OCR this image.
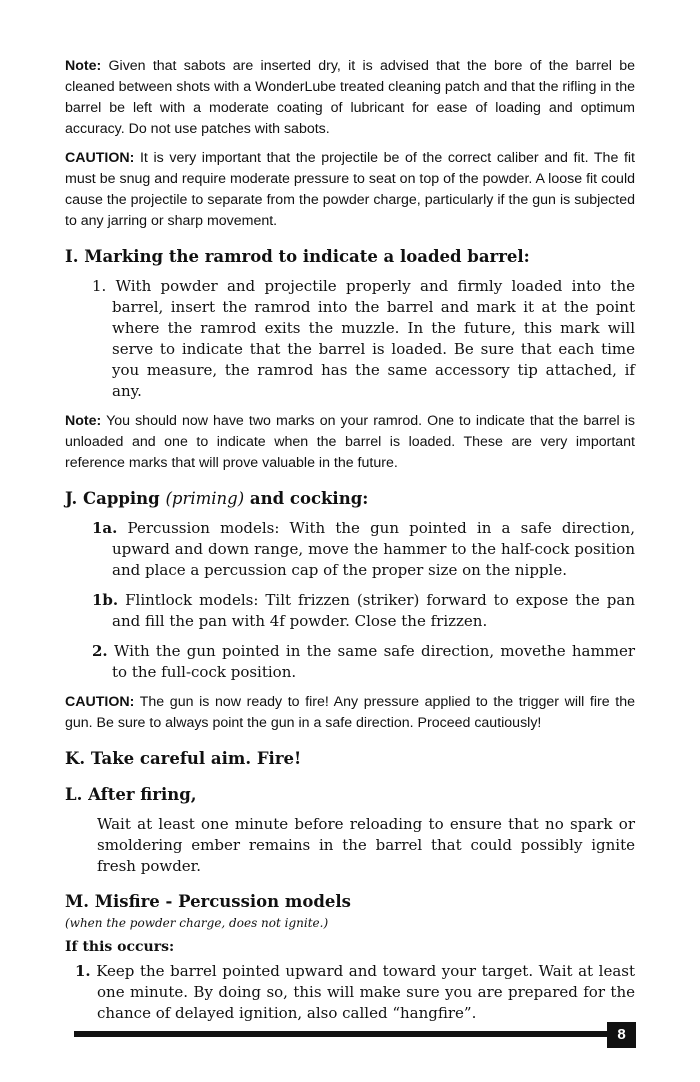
Note: Given that sabots are inserted dry, it is advised that the bore of the barrel be cleaned between shots with a WonderLube treated cleaning patch and that the rifling in the barrel be left with a moderate coating of lubricant for ease of loading and optimum accuracy. Do not use patches with sabots.

CAUTION: It is very important that the projectile be of the correct caliber and fit. The fit must be snug and require moderate pressure to seat on top of the powder. A loose fit could cause the projectile to separate from the powder charge, particularly if the gun is subjected to any jarring or sharp movement.

I. Marking the ramrod to indicate a loaded barrel:

1. With powder and projectile properly and firmly loaded into the barrel, insert the ramrod into the barrel and mark it at the point where the ramrod exits the muzzle. In the future, this mark will serve to indicate that the barrel is loaded. Be sure that each time you measure, the ramrod has the same accessory tip attached, if any.

Note: You should now have two marks on your ramrod. One to indicate that the barrel is unloaded and one to indicate when the barrel is loaded. These are very important reference marks that will prove valuable in the future.

J. Capping (priming) and cocking:

1a. Percussion models: With the gun pointed in a safe direction, upward and down range, move the hammer to the half-cock position and place a percussion cap of the proper size on the nipple.

1b. Flintlock models: Tilt frizzen (striker) forward to expose the pan and fill the pan with 4f powder. Close the frizzen.

2. With the gun pointed in the same safe direction, movethe hammer to the full-cock position.

CAUTION: The gun is now ready to fire! Any pressure applied to the trigger will fire the gun. Be sure to always point the gun in a safe direction. Proceed cautiously!

K. Take careful aim. Fire!
L. After firing,

Wait at least one minute before reloading to ensure that no spark or smoldering ember remains in the barrel that could possibly ignite fresh powder.

M. Misfire - Percussion models

(when the powder charge, does not ignite.)

If this occurs:

1. Keep the barrel pointed upward and toward your target. Wait at least one minute. By doing so, this will make sure you are prepared for the chance of delayed ignition, also called “hangfire”.

8
